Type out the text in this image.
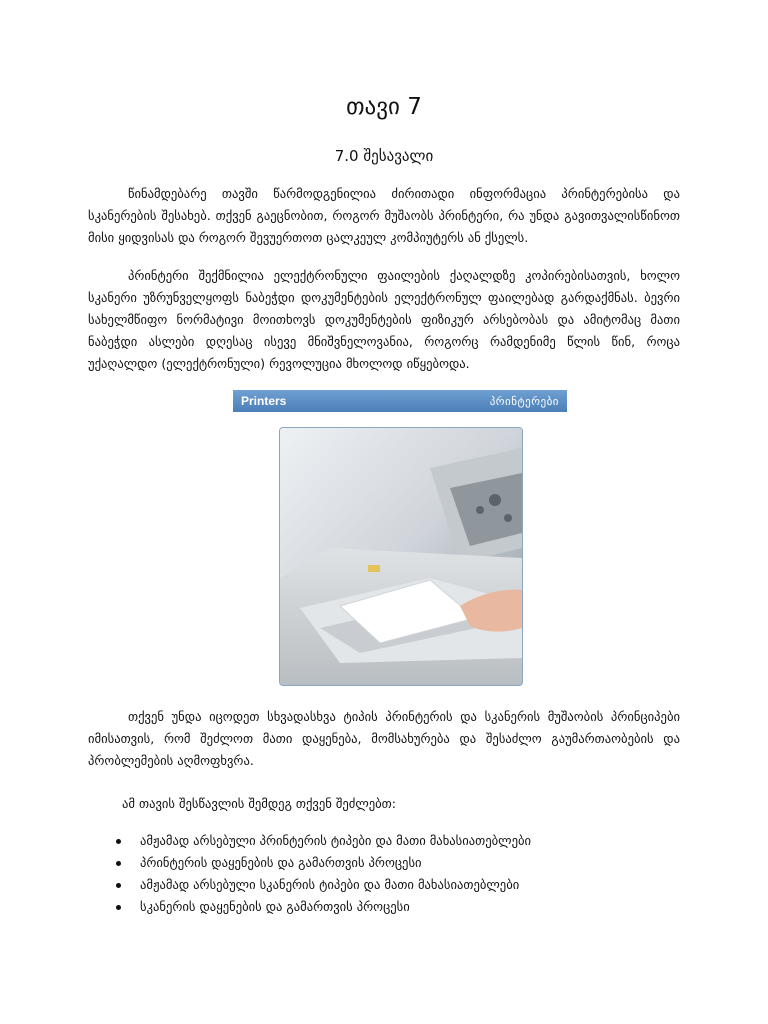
თავი 7
7.0 შესავალი

წინამდებარე თავში წარმოდგენილია ძირითადი ინფორმაცია პრინტერებისა და სკანერების შესახებ. თქვენ გაეცნობით, როგორ მუშაობს პრინტერი, რა უნდა გავითვალისწინოთ მისი ყიდვისას და როგორ შევუერთოთ ცალკეულ კომპიუტერს ან ქსელს.

პრინტერი შექმნილია ელექტრონული ფაილების ქაღალდზე კოპირებისათვის, ხოლო სკანერი უზრუნველყოფს ნაბეჭდი დოკუმენტების ელექტრონულ ფაილებად გარდაქმნას. ბევრი სახელმწიფო ნორმატივი მოითხოვს დოკუმენტების ფიზიკურ არსებობას და ამიტომაც მათი ნაბეჭდი ასლები დღესაც ისევე მნიშვნელოვანია, როგორც რამდენიმე წლის წინ, როცა უქაღალდო (ელექტრონული) რევოლუცია მხოლოდ იწყებოდა.

Printers	პრინტერები

თქვენ უნდა იცოდეთ სხვადასხვა ტიპის პრინტერის და სკანერის მუშაობის პრინციპები იმისათვის, რომ შეძლოთ მათი დაყენება, მომსახურება და შესაძლო გაუმართაობების და პრობლემების აღმოფხვრა.

ამ თავის შესწავლის შემდეგ თქვენ შეძლებთ:

ამჟამად არსებული პრინტერის ტიპები და მათი მახასიათებლები
პრინტერის დაყენების და გამართვის პროცესი
ამჟამად არსებული სკანერის ტიპები და მათი მახასიათებლები
სკანერის დაყენების და გამართვის პროცესი
